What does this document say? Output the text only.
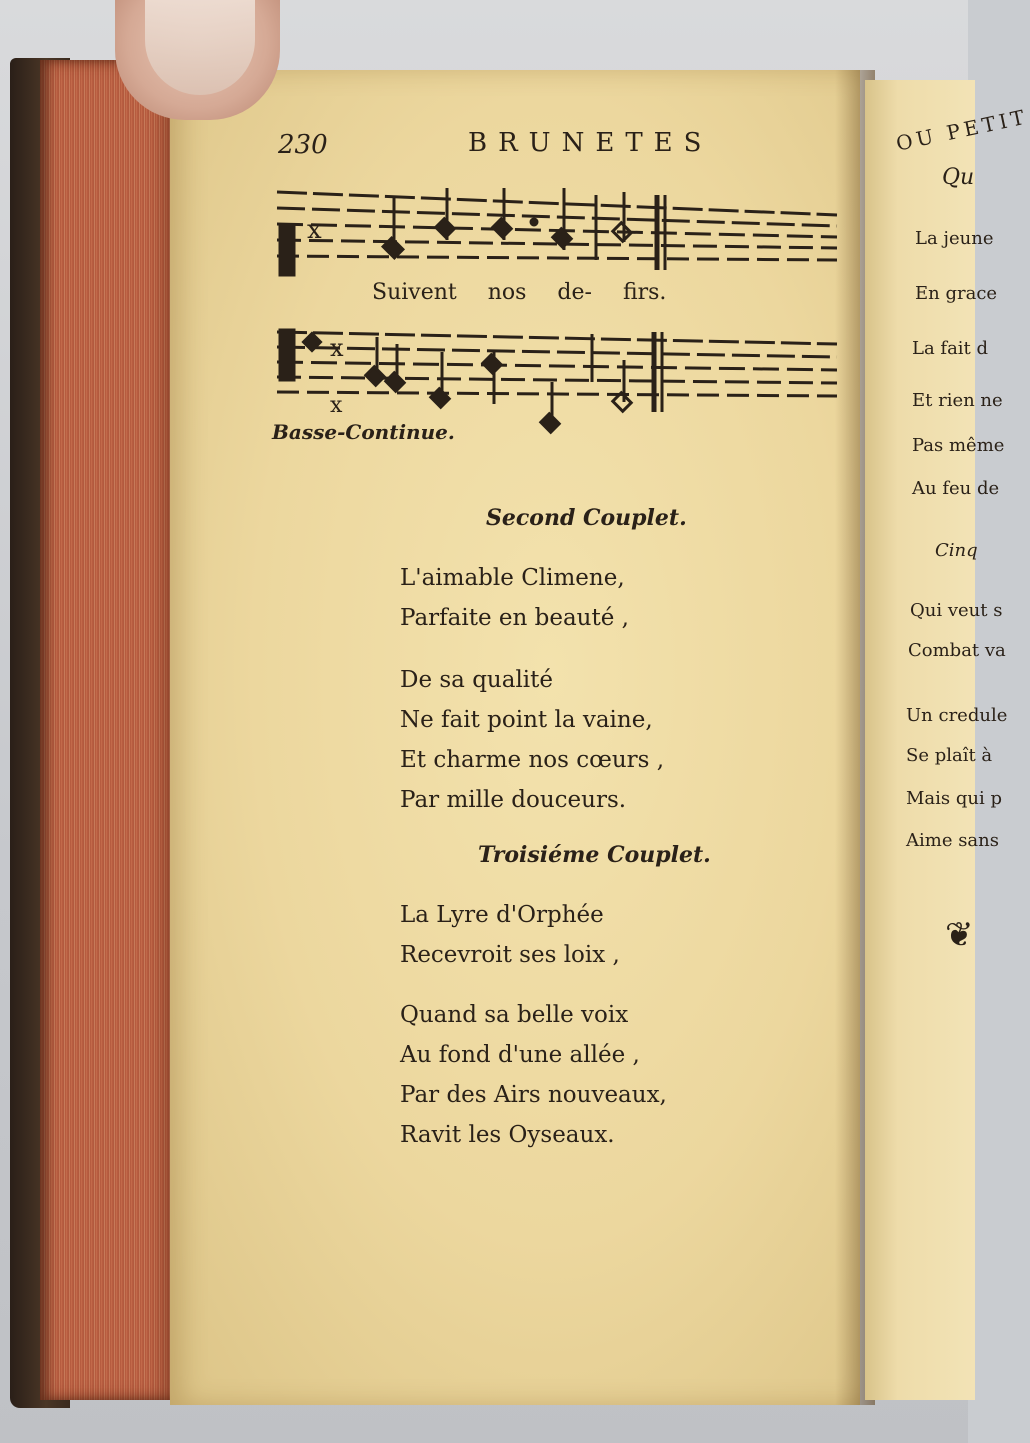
230	BRUNETES
x
Suivent nos de- firs.
x
x
Basse-Continue.
Second Couplet.
L'aimable Climene,
Parfaite en beauté ,
De sa qualité
Ne fait point la vaine,
Et charme nos cœurs ,
Par mille douceurs.
Troisiéme Couplet.
La Lyre d'Orphée
Recevroit ses loix ,
Quand sa belle voix
Au fond d'une allée ,
Par des Airs nouveaux,
Ravit les Oyseaux.
OU PETIT
Qu
La jeune
En grace
La fait d
Et rien ne
Pas même
Au feu de
Cinq
Qui veut s
Combat va
Un credule
Se plaît à
Mais qui p
Aime sans
❦
